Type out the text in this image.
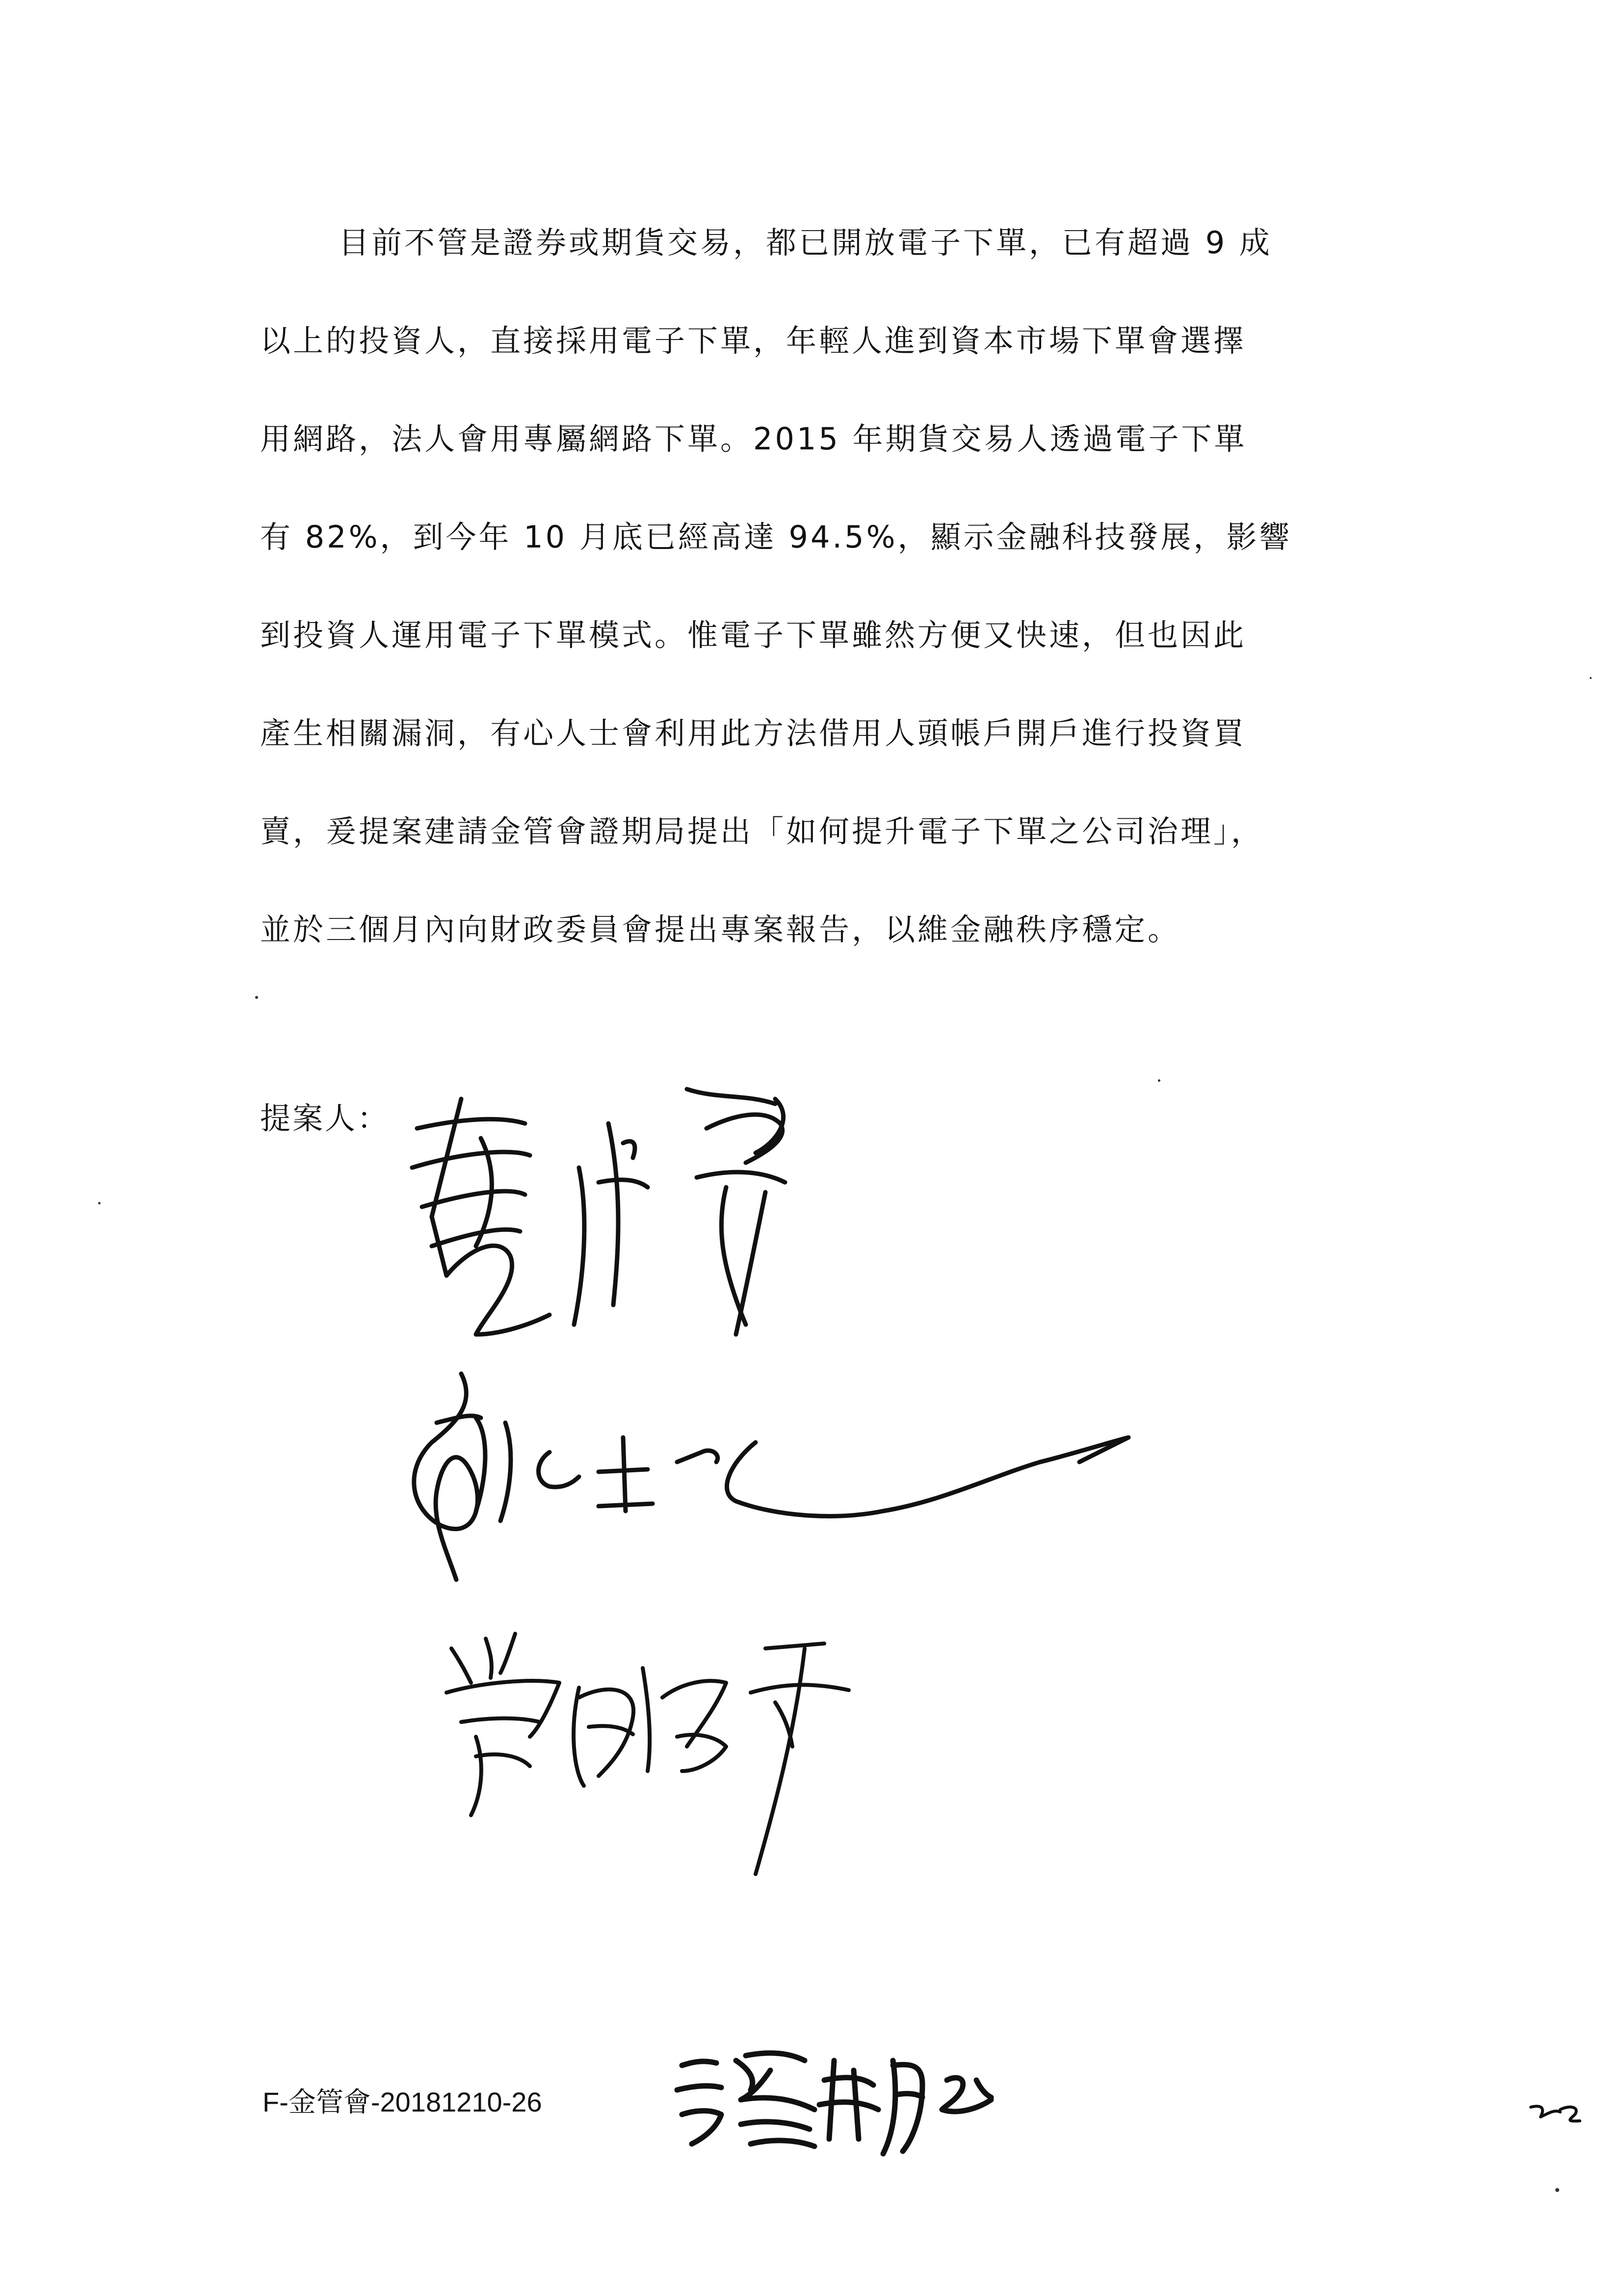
目前不管是證券或期貨交易，都已開放電子下單，已有超過 9 成
以上的投資人，直接採用電子下單，年輕人進到資本市場下單會選擇
用網路，法人會用專屬網路下單。2015 年期貨交易人透過電子下單
有 82%，到今年 10 月底已經高達 94.5%，顯示金融科技發展，影響
到投資人運用電子下單模式。惟電子下單雖然方便又快速，但也因此
產生相關漏洞，有心人士會利用此方法借用人頭帳戶開戶進行投資買
賣，爰提案建請金管會證期局提出「如何提升電子下單之公司治理」，
並於三個月內向財政委員會提出專案報告，以維金融秩序穩定。
提案人：
F-金管會-20181210-26
